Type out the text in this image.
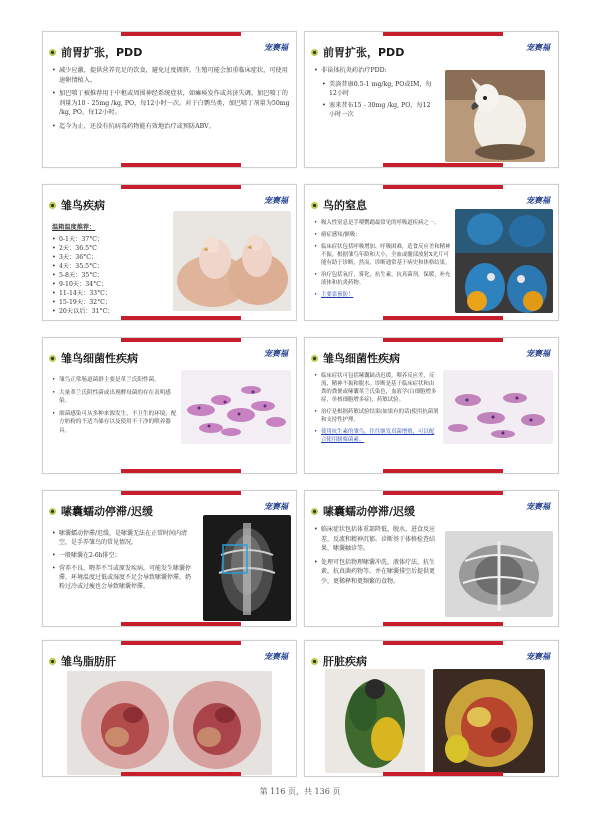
前胃扩张，PDD	宠赛福
• 减少应激，提供营养充足的饮食，避免过度拥挤。生殖可能会加重临床症状，可使用速卵情植入。
• 加巴喷丁被推荐用于中枢或周围神经系统症状，如瘫痪发作或共济失调。加巴喷丁的剂量为10 - 25mg /kg, PO，每12小时一次。对于白鹦鸟类，加巴喷丁剂量为50mg /kg, PO，每12小时。
• 迄今为止，还没有抗病毒药物能有效地治疗或预防ABV。
前胃扩张，PDD	宠赛福
• 非甾体抗炎药治疗PDD:
• 美洛昔康0.5-1 mg/kg, PO或IM，每12小时
• 塞来昔布15 - 30mg /kg, PO，每12小时一次
雏鸟疾病	宠赛福
温箱温度推荐：
• 0-1天：37°C；
• 2天：36.5°C
• 3天：36°C；
• 4天：35.5°C；
• 5-8天：35°C；
• 9-10天：34°C；
• 11-14天：33°C；
• 15-19天：32°C；
• 20天以后：31°C；
鸟的窒息	宠赛福
• 吸入性窒息是手喂鹦鹉最常见的呼吸道疾病之一。
• 癔症感知/额吸：
• 临床症状包括呼吸增加、呼吸困难，造食反应差和精神不振。根据雏鸟年龄和大小，全血或髓部放射X光片可能有助于诊断，然而，诊断通常基于病史和体格结果。
• 治疗包括氧疗，雾化，抗生素，抗真菌剂，保暖，补充液体和抗炎药物。
• 主要靠预防！
雏鸟细菌性疾病	宠赛福
• 雏鸟正常肠道菌群主要是革兰氏阳性菌。
• 大量革兰氏阴性菌或出现酵母菌的存在表明感染。
• 细菌感染可从多种来源发生，不卫生的环境，配方奶粉的不适当储存以及使用不干净的喂养器具。
雏鸟细菌性疾病	宠赛福
• 临床症状可包括嗉囊缺动迟缓，喂养反应差，反流，精神不振和脱水。诊断是基于临床症状和由粪的粪便或嗉囊革兰氏染色，血液学(白细胞增多症，单核细胞增多症)，药敏试验。
• 治疗是根据药敏试验结果(如果有的话)使用抗菌剂和支持性护理。
• 使用抗生素的雏鸟，往往继发真菌增殖，可以配合使用制霉菌素。
嗉囊蠕动停滞/迟缓	宠赛福
• 嗉囊蠕动停滞/迟缓，是嗉囊无法在正常时间内清空，是手养雏鸟的常见情况。
• 一般嗉囊在2-6h排空；
• 营养不良、喂养不当或原发疾病，可能发生嗉囊停滞，环境温度过低或湿度不足会导致嗉囊停滞，奶粉过冷或过瘦也会导致嗉囊停滞。
嗉囊蠕动停滞/迟缓	宠赛福
• 临床症状包括体重部降低，脱水，进食反应差，反流和精神沉郁。诊断基于体格检查结果，嗉囊触诊等。
• 处理可包括物理嗉囊冲洗，液体疗法，抗生素，抗真菌药物等。并在嗉囊排空后提供更少，更稀释和更频繁的食物。
雏鸟脂肪肝	宠赛福	肝脏疾病	宠赛福
第 116 页，共 136 页
